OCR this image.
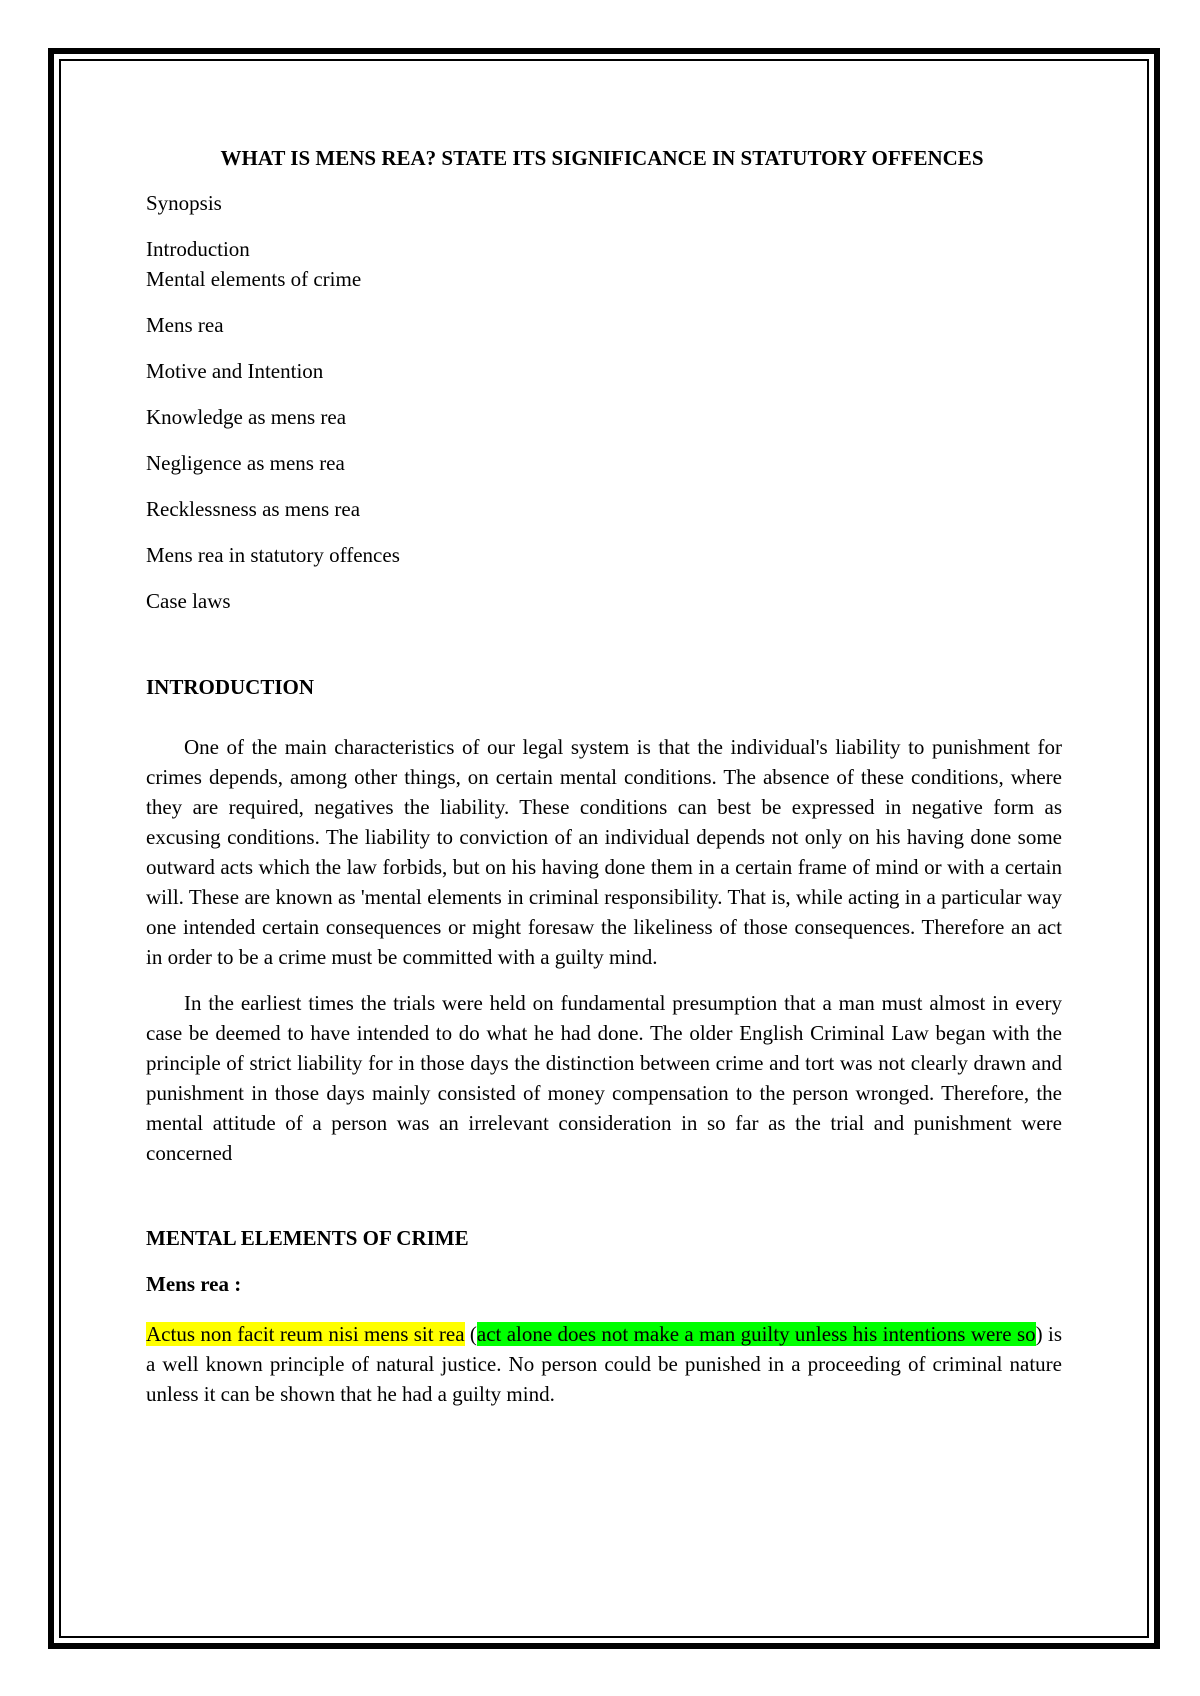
WHAT IS MENS REA? STATE ITS SIGNIFICANCE IN STATUTORY OFFENCES
Synopsis
Introduction
Mental elements of crime
Mens rea
Motive and Intention
Knowledge as mens rea
Negligence as mens rea
Recklessness as mens rea
Mens rea in statutory offences
Case laws
INTRODUCTION

One of the main characteristics of our legal system is that the individual's liability to punishment for crimes depends, among other things, on certain mental conditions. The absence of these conditions, where they are required, negatives the liability. These conditions can best be expressed in negative form as excusing conditions. The liability to conviction of an individual depends not only on his having done some outward acts which the law forbids, but on his having done them in a certain frame of mind or with a certain will. These are known as 'mental elements in criminal responsibility. That is, while acting in a particular way one intended certain consequences or might foresaw the likeliness of those consequences. Therefore an act in order to be a crime must be committed with a guilty mind.

In the earliest times the trials were held on fundamental presumption that a man must almost in every case be deemed to have intended to do what he had done. The older English Criminal Law began with the principle of strict liability for in those days the distinction between crime and tort was not clearly drawn and punishment in those days mainly consisted of money compensation to the person wronged. Therefore, the mental attitude of a person was an irrelevant consideration in so far as the trial and punishment were concerned

MENTAL ELEMENTS OF CRIME
Mens rea :

Actus non facit reum nisi mens sit rea (act alone does not make a man guilty unless his intentions were so) is a well known principle of natural justice. No person could be punished in a proceeding of criminal nature unless it can be shown that he had a guilty mind.
